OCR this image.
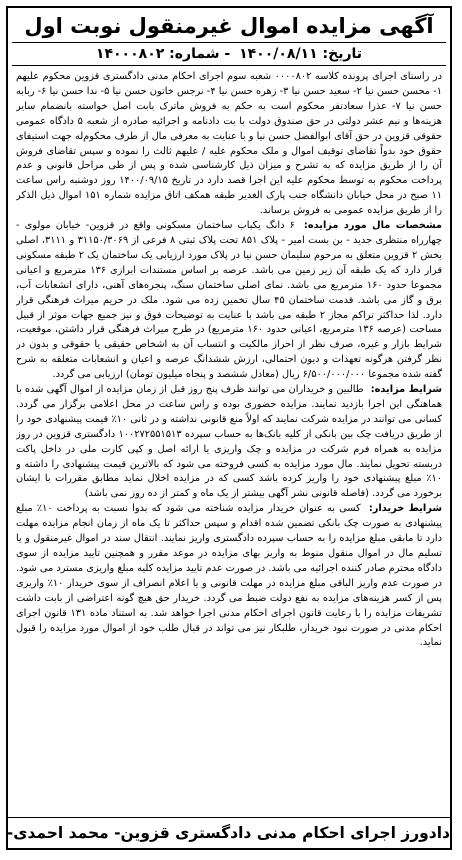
آگهی مزایده اموال غیرمنقول نوبت اول
تاریخ: ۱۴۰۰/۰۸/۱۱ - شماره: ۱۴۰۰۰۸۰۲

در راستای اجرای پرونده کلاسه ۰۰۰۰۸۰۲ شعبه سوم اجرای احکام مدنی دادگستری قزوین محکوم علیهم ۱- محسن حسن نیا ۲- سعید حسن نیا ۳- زهره حسن نیا ۴- نرجس خاتون حسن نیا ۵- ندا حسن نیا ۶- ربابه حسن نیا ۷- عذرا سعادتفر محکوم است به حکم به فروش ماترک بابت اصل خواسته بانضمام سایر هزینه‌ها و نیم عشر دولتی در حق صندوق دولت با بت دادنامه و اجرائیه صادره از شعبه ۵ دادگاه عمومی حقوقی قزوین در حق آقای ابوالفضل حسن نیا و با عنایت به معرفی مال از طرف محکوم‌له جهت استیفای حقوق خود بدواً تقاضای توقیف اموال و ملک محکوم علیه / علیهم ثالث را نموده و سپس تقاضای فروش آن را از طریق مزایده که به تشرح و میزان ذیل کارشناسی شده و پس از طی مراحل قانونی و عدم پرداخت محکوم به توسط محکوم علیه این اجرا قصد دارد در تاریخ ۱۴۰۰/۰۹/۱۵ روز دوشنبه راس ساعت ۱۱ صبح در محل خیابان دانشگاه جنب پارک الغدیر طبقه همکف اتاق مزایده شماره ۱۵۱ اموال ذیل الذکر را از طریق مزایده عمومی به فروش برساند.

مشخصات مال مورد مزایده: ۶ دانگ یکباب ساختمان مسکونی واقع در قزوین- خیابان مولوی - چهارراه منتظری جدید - بن بست امیر - پلاک ۸۵۱ تحت پلاک ثبتی ۸ فرعی از ۳۱۱۵۰/۳۰۶۹ و ۳۱۱۱، اصلی بخش ۲ قزوین متعلق به مرحوم سلیمان حسن نیا در پلاک مورد ارزیابی یک ساختمان یک ۲ طبقه مسکونی قرار دارد که یک طبقه آن زیر زمین می باشد. عرصه بر اساس مستندات ابرازی ۱۳۶ مترمربع و اعیانی مجموعا حدود ۱۶۰ مترمربع می باشد. نمای اصلی ساختمان سنگ، پنجره‌های آهنی، دارای انشعابات آب، برق و گاز می باشد. قدمت ساختمان ۴۵ سال تخمین زده می شود. ملک در حریم میراث فرهنگی قرار دارد. لذا حداکثر تراکم مجاز ۲ طبقه می باشد با عنایت به توضیحات فوق و نیز جمیع جهات موثر از قبیل مساحت (عرصه ۱۳۶ مترمربع، اعیانی حدود ۱۶۰ مترمربع) در طرح میراث فرهنگی قرار داشتن، موقعیت، شرایط بازار و غیره، صرف نظر از احراز مالکیت و انتساب آن به اشخاص حقیقی یا حقوقی و بدون در نظر گرفتن هرگونه تعهدات و دیون احتمالی، ارزش ششدانگ عرصه و اعیان و انشعابات متعلقه به شرح گفته شده مجموعا ۶/۵۰۰/۰۰۰/۰۰۰ ریال (معادل ششصد و پنجاه میلیون تومان) ارزیابی می گردد.

شرایط مزایده: طالبین و خریداران می توانند ظرف پنج روز قبل از زمان مزایده از اموال آگهی شده با هماهنگی این اجرا بازدید نمایند. مزایده حضوری بوده و راس ساعت در محل اعلامی برگزار می گردد. کسانی می توانند در مزایده شرکت نمایند که اولاً منع قانونی نداشته و در ثانی ۱۰٪ قیمت پیشنهادی خود را از طریق دریافت چک بین بانکی از کلیه بانک‌ها به حساب سپرده ۱۰۰۲۷۲۵۵۱۵۱۳ دادگستری قزوین در روز مزایده به همراه فرم شرکت در مزایده و چک واریزی یا ارائه اصل و کپی کارت ملی در داخل پاکت دربسته تحویل نمایند. مال مورد مزایده به کسی فروخته می شود که بالاترین قیمت پیشنهادی را داشته و ۱۰٪ مبلغ پیشنهادی خود را واریز کرده باشد کسی که در مزایده اخلال نماید مطابق مقررات با ایشان برخورد می گردد. (فاصله قانونی نشر آگهی بیشتر از یک ماه و کمتر از ده روز نمی باشد)

شرایط خریدار: کسی به عنوان خریدار مزایده شناخته می شود که بدوا نسبت به پرداخت ۱۰٪ مبلغ پیشنهادی به صورت چک بانکی تضمین شده اقدام و سپس حداکثر تا یک ماه از زمان انجام مزایده مهلت دارد تا مابقی مبلغ مزایده را به حساب سپرده دادگستری واریز نمایند. انتقال سند در اموال غیرمنقول و یا تسلیم مال در اموال منقول منوط به واریز بهای مزایده در موعد مقرر و همچنین تایید مزایده از سوی دادگاه محترم صادر کننده اجرائیه می باشد. در صورت عدم تایید مزایده کلیه مبلغ واریزی مسترد می شود. در صورت عدم واریز الباقی مبلغ مزایده در مهلت قانونی و یا اعلام انصراف از سوی خریدار ۱۰٪ واریزی پس از کسر هزینه‌های مزایده به نفع دولت ضبط می گردد. خریدار حق هیچ گونه اعتراضی از بابت داشت تشریفات مزایده را با رعایت قانون اجرای احکام مدنی اجرا خواهد شد. به استناد ماده ۱۳۱ قانون اجرای احکام مدنی در صورت نبود خریدار، طلبکار نیز می تواند در قبال طلب خود از اموال مورد مزایده را قبول نماید.

دادورز اجرای احکام مدنی دادگستری قزوین- محمد احمدی-
